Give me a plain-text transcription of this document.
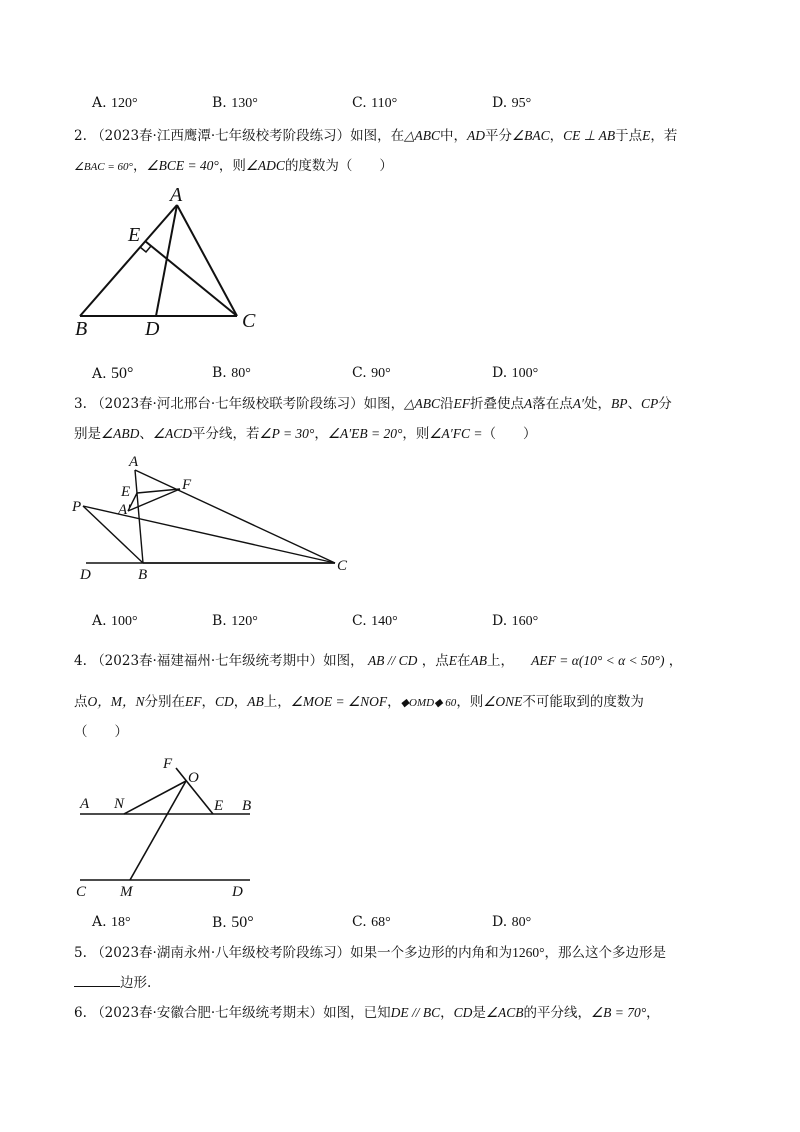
A. 120°	B. 130°	C. 110°	D. 95°
2. （2023春·江西鹰潭·七年级校考阶段练习）如图，在△ABC中，AD平分∠BAC，CE ⊥ AB于点E，若
∠BAC = 60°，∠BCE = 40°，则∠ADC的度数为（　　）
A
E
B	D	C
A. 50°	B. 80°	C. 90°	D. 100°
3. （2023春·河北邢台·七年级校联考阶段练习）如图，△ABC沿EF折叠使点A落在点A′处，BP、CP分
别是∠ABD、∠ACD平分线，若∠P = 30°，∠A′EB = 20°，则∠A′FC =（　　）
A
E	F
A′
P
D	B
C
A. 100°	B. 120°	C. 140°	D. 160°
4. （2023春·福建福州·七年级统考期中）如图， AB // CD ，点E在AB上， AEF = α(10° < α < 50°) ，
点O，M，N分别在EF，CD，AB上，∠MOE = ∠NOF，◆OMD◆ 60，则∠ONE不可能取到的度数为
（　　）
F
O
A N	E B
C M	D
A. 18°	B. 50°	C. 68°	D. 80°
5. （2023春·湖南永州·八年级校考阶段练习）如果一个多边形的内角和为1260°，那么这个多边形是
边形.
6. （2023春·安徽合肥·七年级统考期末）如图，已知DE // BC，CD是∠ACB的平分线，∠B = 70°，
